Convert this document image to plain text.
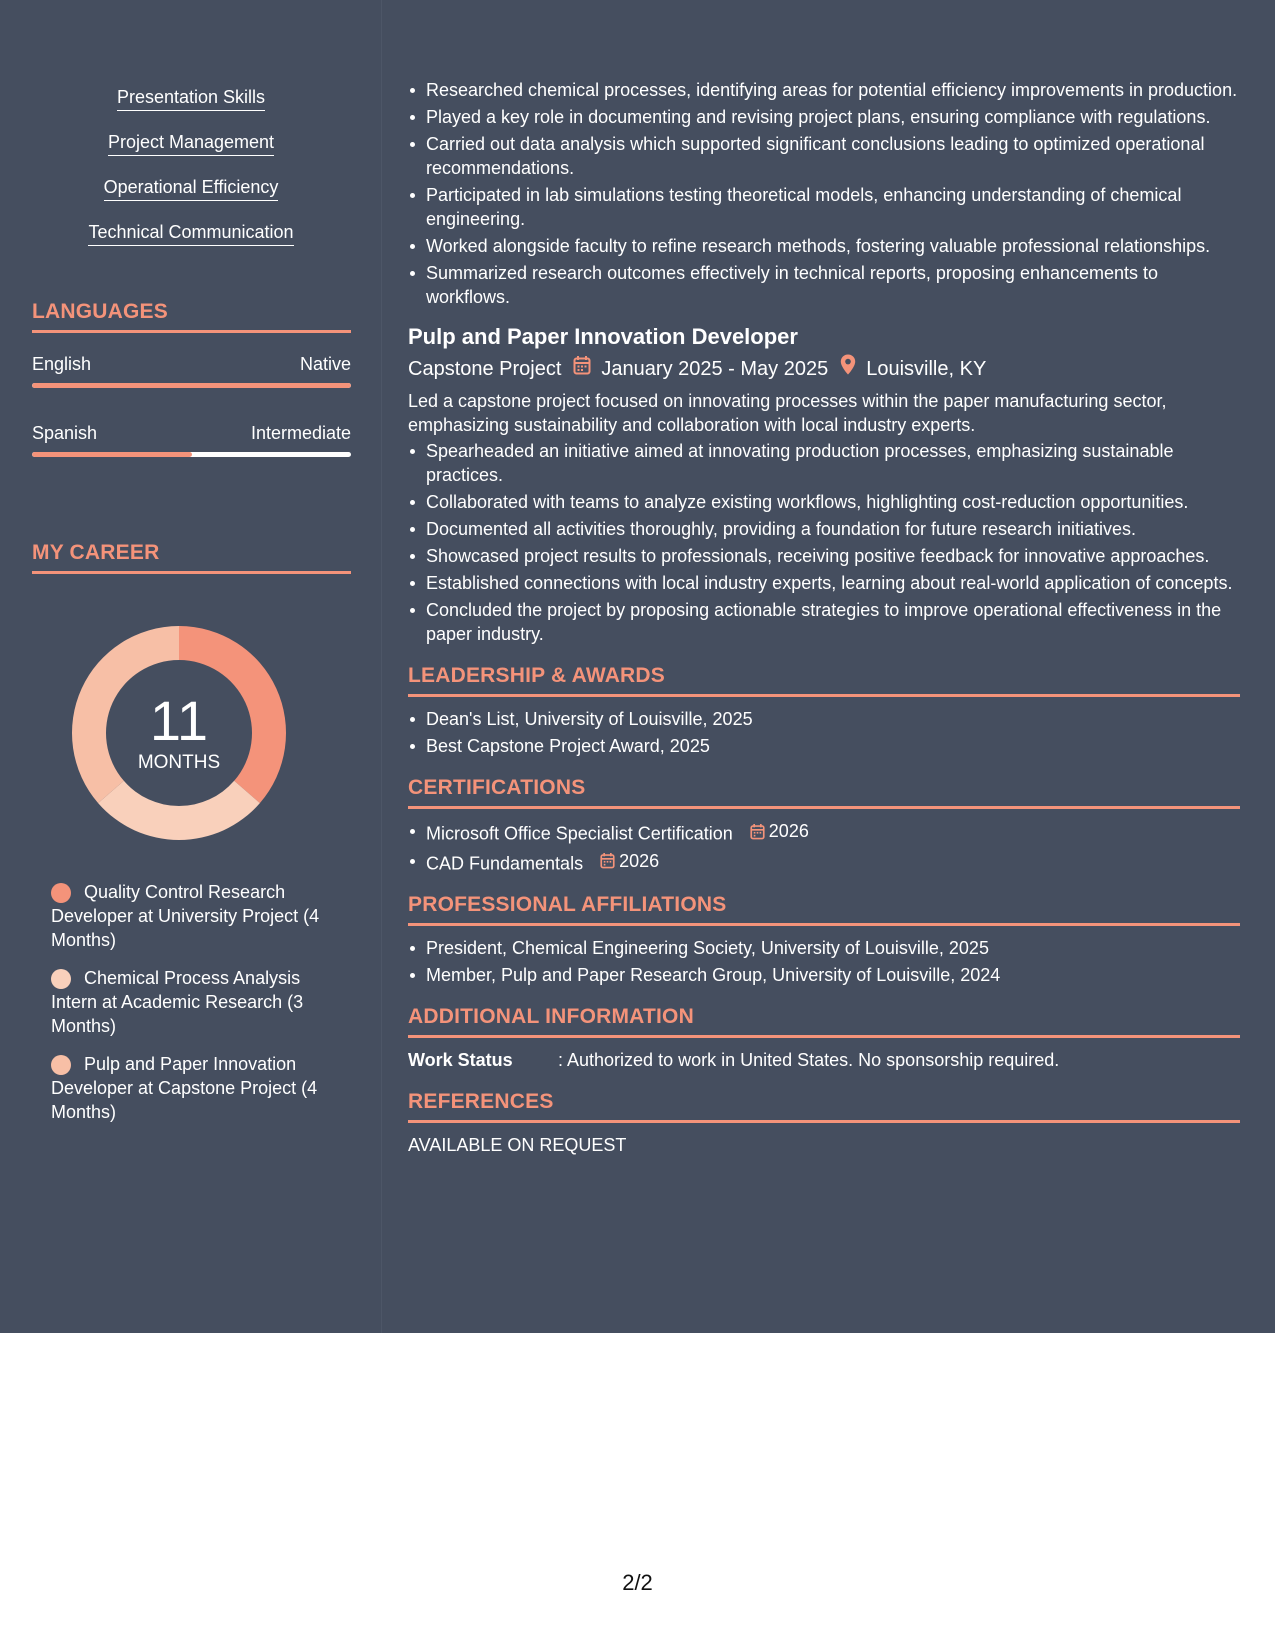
Presentation Skills
Project Management
Operational Efficiency
Technical Communication
LANGUAGES
English	Native
Spanish	Intermediate
MY CAREER
11
MONTHS
Quality Control Research Developer at University Project (4 Months)
Chemical Process Analysis Intern at Academic Research (3 Months)
Pulp and Paper Innovation Developer at Capstone Project (4 Months)
Researched chemical processes, identifying areas for potential efficiency improvements in production.
Played a key role in documenting and revising project plans, ensuring compliance with regulations.
Carried out data analysis which supported significant conclusions leading to optimized operational recommendations.
Participated in lab simulations testing theoretical models, enhancing understanding of chemical engineering.
Worked alongside faculty to refine research methods, fostering valuable professional relationships.
Summarized research outcomes effectively in technical reports, proposing enhancements to workflows.
Pulp and Paper Innovation Developer
Capstone Project January 2025 - May 2025 Louisville, KY
Led a capstone project focused on innovating processes within the paper manufacturing sector, emphasizing sustainability and collaboration with local industry experts.
Spearheaded an initiative aimed at innovating production processes, emphasizing sustainable practices.
Collaborated with teams to analyze existing workflows, highlighting cost-reduction opportunities.
Documented all activities thoroughly, providing a foundation for future research initiatives.
Showcased project results to professionals, receiving positive feedback for innovative approaches.
Established connections with local industry experts, learning about real-world application of concepts.
Concluded the project by proposing actionable strategies to improve operational effectiveness in the paper industry.
LEADERSHIP & AWARDS
Dean's List, University of Louisville, 2025
Best Capstone Project Award, 2025
CERTIFICATIONS
Microsoft Office Specialist Certification 2026
CAD Fundamentals 2026
PROFESSIONAL AFFILIATIONS
President, Chemical Engineering Society, University of Louisville, 2025
Member, Pulp and Paper Research Group, University of Louisville, 2024
ADDITIONAL INFORMATION
Work Status	: Authorized to work in United States. No sponsorship required.
REFERENCES
AVAILABLE ON REQUEST
2/2
